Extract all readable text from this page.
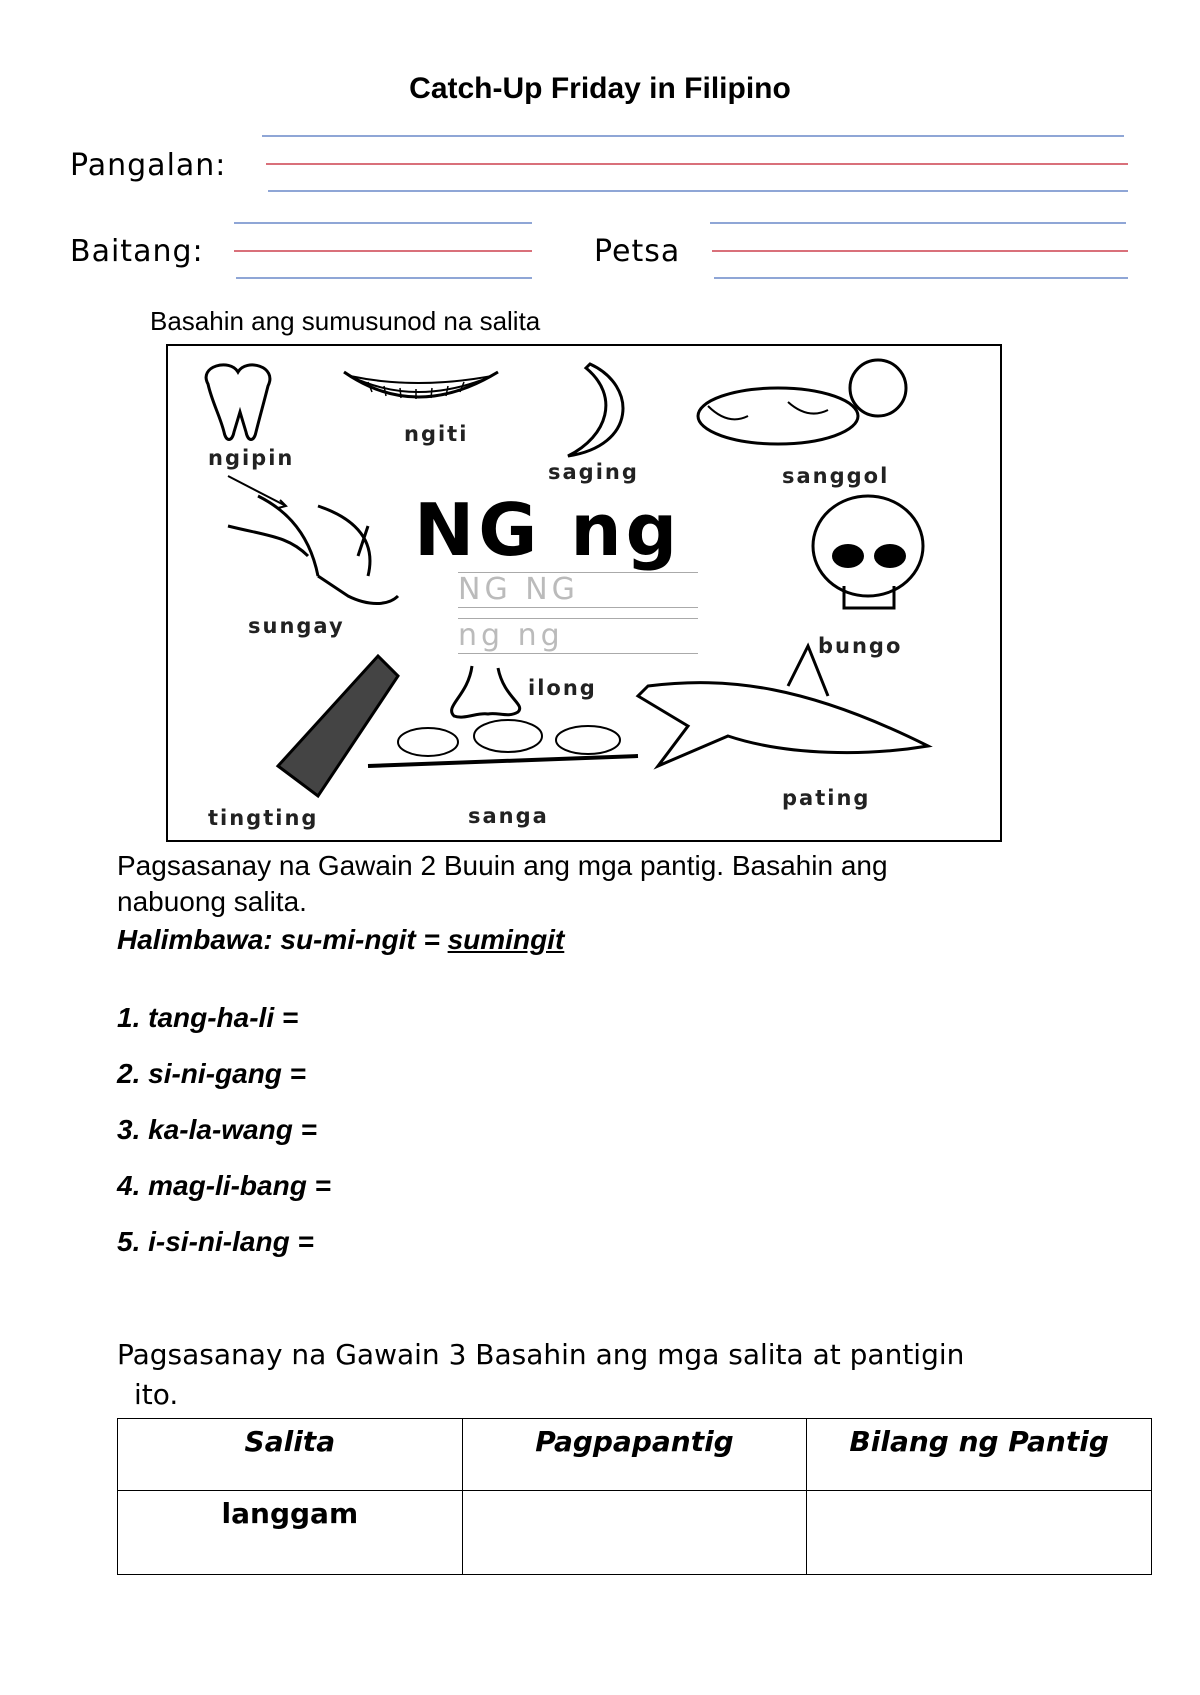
Catch-Up Friday in Filipino
Pangalan:
Baitang:	Petsa
Basahin ang sumusunod na salita
NG ng
NG NG
ng ng
ngipin
ngiti
saging	sanggol
sungay
bungo
ilong
tingting	sanga
pating
Pagsasanay na Gawain 2 Buuin ang mga pantig. Basahin ang
nabuong salita.
Halimbawa: su-mi-ngit = sumingit
1. tang-ha-li =
2. si-ni-gang =
3. ka-la-wang =
4. mag-li-bang =
5. i-si-ni-lang =
Pagsasanay na Gawain 3 Basahin ang mga salita at pantigin
ito.
Salita	Pagpapantig	Bilang ng Pantig
langgam		
